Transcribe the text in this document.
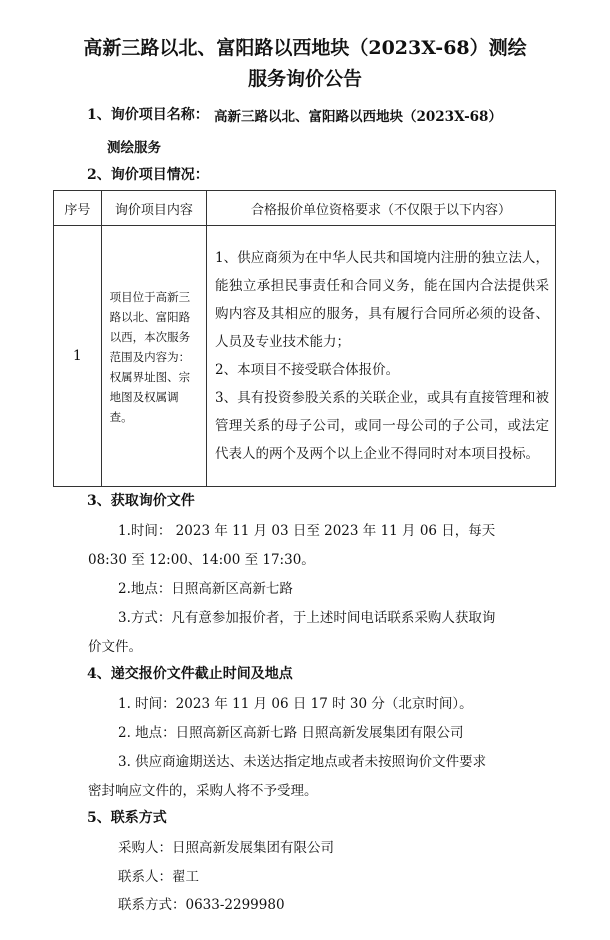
高新三路以北、富阳路以西地块（2023X-68）测绘
服务询价公告
1、询价项目名称： 高新三路以北、富阳路以西地块（2023X-68）
测绘服务
2、询价项目情况：
序号	询价项目内容	合格报价单位资格要求（不仅限于以下内容）
1	项目位于高新三路以北、富阳路以西，本次服务范围及内容为：权属界址图、宗地图及权属调查。	1、供应商须为在中华人民共和国境内注册的独立法人，能独立承担民事责任和合同义务，能在国内合法提供采购内容及其相应的服务，具有履行合同所必须的设备、人员及专业技术能力；

2、本项目不接受联合体报价。

3、具有投资参股关系的关联企业，或具有直接管理和被管理关系的母子公司，或同一母公司的子公司，或法定代表人的两个及两个以上企业不得同时对本项目投标。

3、获取询价文件
1.时间： 2023 年 11 月 03 日至 2023 年 11 月 06 日，每天
08:30 至 12:00、14:00 至 17:30。
2.地点：日照高新区高新七路
3.方式：凡有意参加报价者，于上述时间电话联系采购人获取询
价文件。
4、递交报价文件截止时间及地点
1. 时间：2023 年 11 月 06 日 17 时 30 分（北京时间）。
2. 地点：日照高新区高新七路 日照高新发展集团有限公司
3. 供应商逾期送达、未送达指定地点或者未按照询价文件要求
密封响应文件的，采购人将不予受理。
5、联系方式
采购人：日照高新发展集团有限公司
联系人：翟工
联系方式：0633-2299980
